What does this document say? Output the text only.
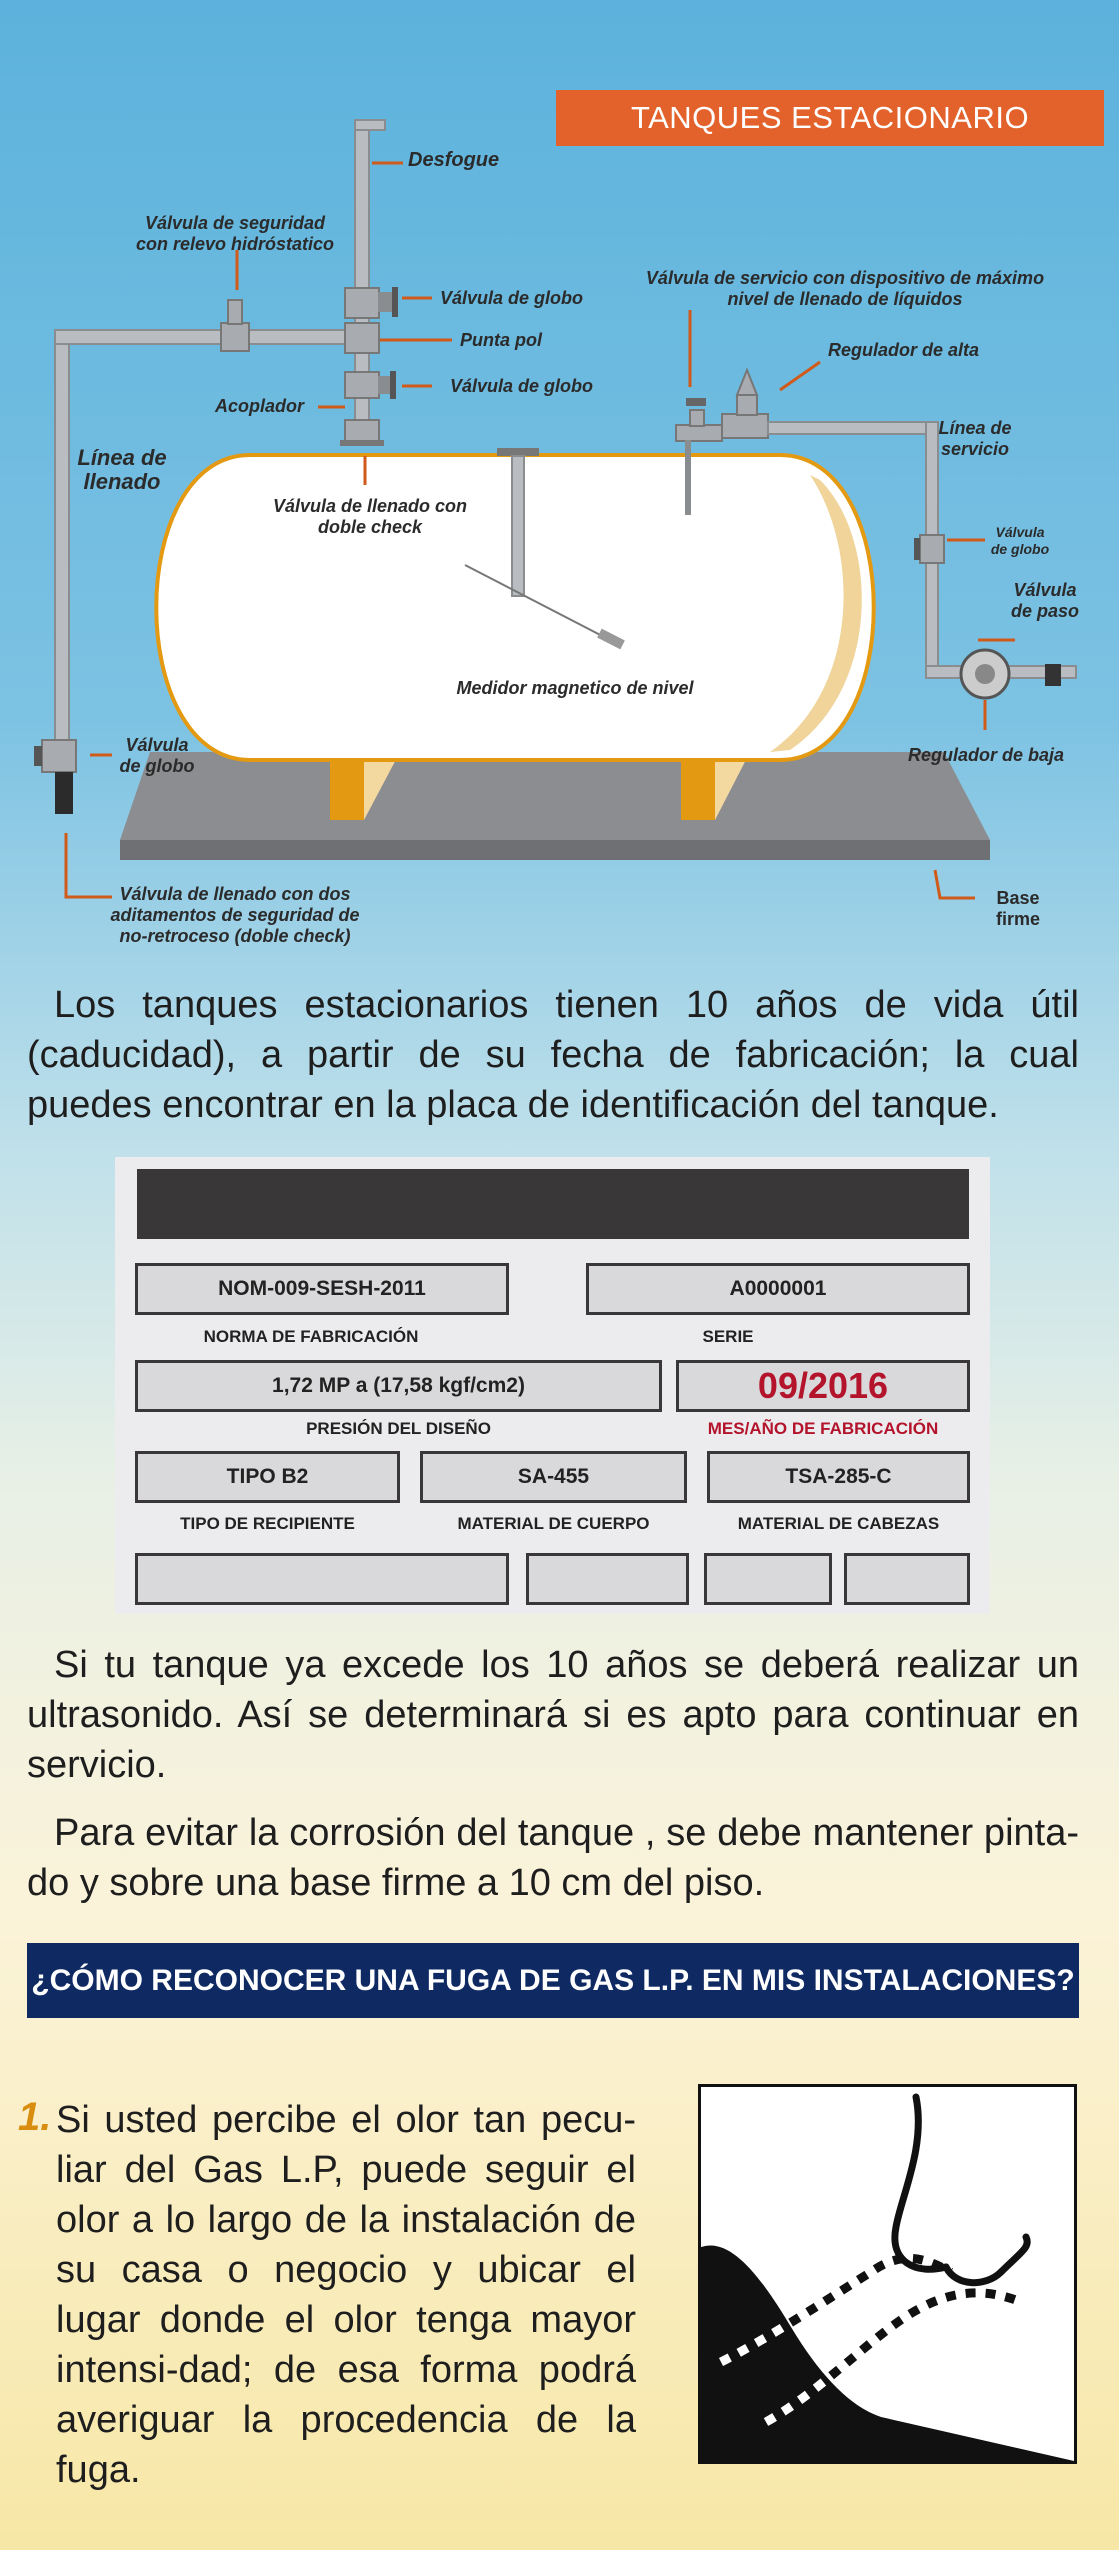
TANQUES ESTACIONARIO
Desfogue
Válvula de seguridad
con relevo hidróstatico
Válvula de globo
Punta pol
Válvula de globo
Acoplador
Línea de
llenado
Válvula de llenado con
doble check
Válvula de servicio con dispositivo de máximo
nivel de llenado de líquidos
Regulador de alta
Línea de
servicio
Válvula
de globo
Válvula
de paso
Medidor magnetico de nivel
Válvula
de globo
Regulador de baja
Válvula de llenado con dos
aditamentos de seguridad de
no-retroceso (doble check)
Base
firme

Los tanques estacionarios tienen 10 años de vida útil (caducidad), a partir de su fecha de fabricación; la cual puedes encontrar en la placa de identificación del tanque.

NOM-009-SESH-2011	A0000001
NORMA DE FABRICACIÓN	SERIE
1,72 MP a (17,58 kgf/cm2)	09/2016
PRESIÓN DEL DISEÑO	MES/AÑO DE FABRICACIÓN
TIPO B2	SA-455	TSA-285-C
TIPO DE RECIPIENTE	MATERIAL DE CUERPO	MATERIAL DE CABEZAS

Si tu tanque ya excede los 10 años se deberá realizar un ultrasonido. Así se determinará si es apto para continuar en servicio.

Para evitar la corrosión del tanque , se debe mantener pinta-do y sobre una base firme a 10 cm del piso.

¿CÓMO RECONOCER UNA FUGA DE GAS L.P. EN MIS INSTALACIONES?
1. Si usted percibe el olor tan pecu-liar del Gas L.P, puede seguir el olor a lo largo de la instalación de su casa o negocio y ubicar el lugar donde el olor tenga mayor intensi-dad; de esa forma podrá averiguar la procedencia de la fuga.
